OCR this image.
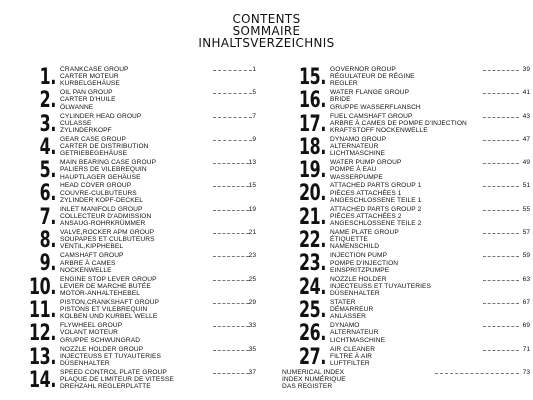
CONTENTS
SOMMAIRE
INHALTSVERZEICHNIS
1. CRANKCASE GROUP
CARTER MOTEUR
KURBELGEHÄUSE
1
2. OIL PAN GROUP
CARTER D'HUILE
ÖLWANNE
5
3. CYLINDER HEAD GROUP
CULASSE
ZYLINDERKOPF
7
4. GEAR CASE GROUP
CARTER DE DISTRIBUTION
GETRIEBEGEHÄUSE
9
5. MAIN BEARING CASE GROUP
PALIERS DE VILEBREQUIN
HAUPTLAGER GEHÄUSE
13
6. HEAD COVER GROUP
COUVRE-CULBUTEURS
ZYLINDER KOPF-DECKEL
15
7. INLET MANIFOLD GROUP
COLLECTEUR D'ADMISSION
ANSAUG-ROHRKRÜMMER
19
8. VALVE,ROCKER APM GROUP
SOUPAPES ET CULBUTEURS
VENTIL,KIPPHEBEL
21
9. CAMSHAFT GROUP
ARBRE À CAMES
NOCKENWELLE
23
10. ENGINE STOP LEVER GROUP
LEVIER DE MARCHE BUTÉE
MOTOR-ANHALTEHEBEL
25
11. PISTON,CRANKSHAFT GROUP
PISTONS ET VILEBREQUIN
KOLBEN UND KURBEL WELLE
29
12. FLYWHEEL GROUP
VOLANT MOTEUR
GRUPPE SCHWUNGRAD
33
13. NOZZLE HOLDER GROUP
INJECTEUSS ET TUYAUTERIES
DÜSENHALTER
35
14. SPEED CONTROL PLATE GROUP
PLAQUE DE LIMITEUR DE VITESSE
DREHZAHL REGLERPLATTE
37
15. GOVERNOR GROUP
RÉGULATEUR DE RÉGINE
REGLER
39
16. WATER FLANGE GROUP
BRIDE
GRUPPE WASSERFLANSCH
41
17. FUEL CAMSHAFT GROUP
ARBRE À CAMES DE POMPE D'INJECTION
KRAFTSTOFF NOCKENWELLE
43
18. DYNAMO GROUP
ALTERNATEUR
LICHTMASCHINE
47
19. WATER PUMP GROUP
POMPE À EAU
WASSERPUMPE
49
20. ATTACHED PARTS GROUP 1
PIÈCES ATTACHÉES 1
ANGESCHLOSSENE TEILE 1
51
21. ATTACHED PARTS GROUP 2
PIÈCES ATTACHÉES 2
ANGESCHLOSSENE TEILE 2
55
22. NAME PLATE GROUP
ÉTIQUETTE
NAMENSCHILD
57
23. INJECTION PUMP
POMPE D'INJECTION
EINSPRITZPUMPE
59
24. NOZZLE HOLDER
INJECTEUSS ET TUYAUTERIES
DÜSENHALTER
63
25. STATER
DÉMARREUR
ANLASSER
67
26. DYNAMO
ALTERNATEUR
LICHTMASCHINE
69
27. AIR CLEANER
FILTRE À AIR
LUFTFILTER
71
NUMERICAL INDEX
INDEX NUMÉRIQUE
DAS REGISTER
73
